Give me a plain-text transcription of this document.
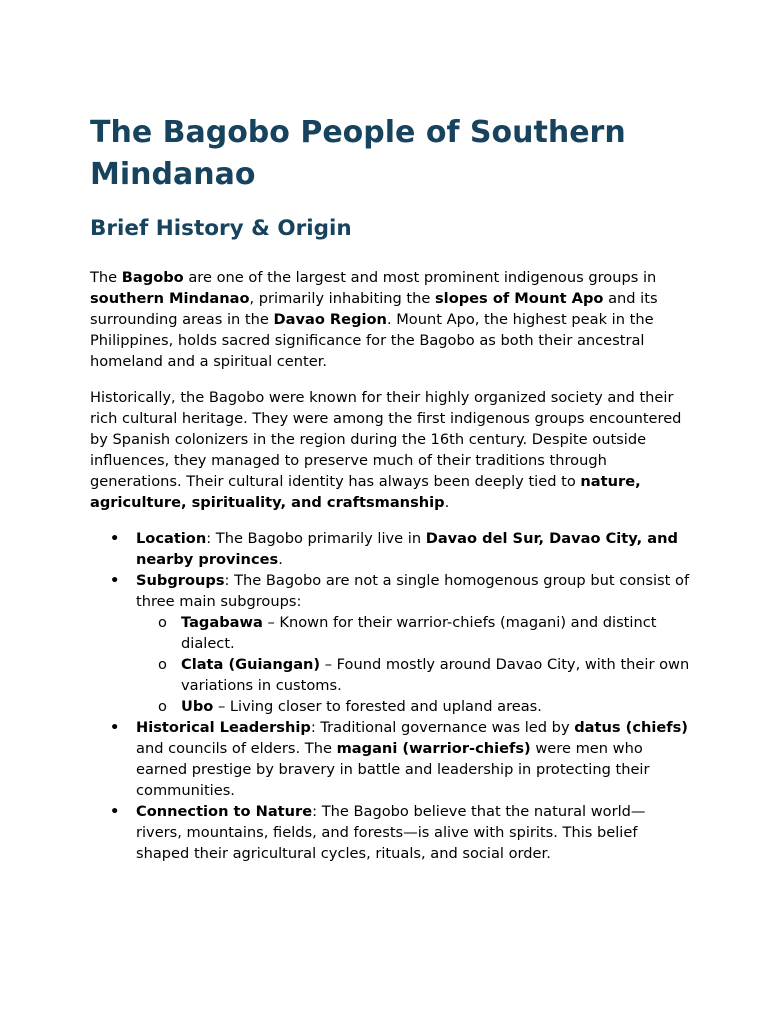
The Bagobo People of Southern Mindanao
Brief History & Origin

The Bagobo are one of the largest and most prominent indigenous groups in southern Mindanao, primarily inhabiting the slopes of Mount Apo and its surrounding areas in the Davao Region. Mount Apo, the highest peak in the Philippines, holds sacred significance for the Bagobo as both their ancestral homeland and a spiritual center.

Historically, the Bagobo were known for their highly organized society and their rich cultural heritage. They were among the first indigenous groups encountered by Spanish colonizers in the region during the 16th century. Despite outside influences, they managed to preserve much of their traditions through generations. Their cultural identity has always been deeply tied to nature, agriculture, spirituality, and craftsmanship.

• Location: The Bagobo primarily live in Davao del Sur, Davao City, and nearby provinces.
• Subgroups: The Bagobo are not a single homogenous group but consist of three main subgroups:
o Tagabawa – Known for their warrior-chiefs (magani) and distinct dialect.
o Clata (Guiangan) – Found mostly around Davao City, with their own variations in customs.
o Ubo – Living closer to forested and upland areas.
• Historical Leadership: Traditional governance was led by datus (chiefs) and councils of elders. The magani (warrior-chiefs) were men who earned prestige by bravery in battle and leadership in protecting their communities.
• Connection to Nature: The Bagobo believe that the natural world—rivers, mountains, fields, and forests—is alive with spirits. This belief shaped their agricultural cycles, rituals, and social order.
